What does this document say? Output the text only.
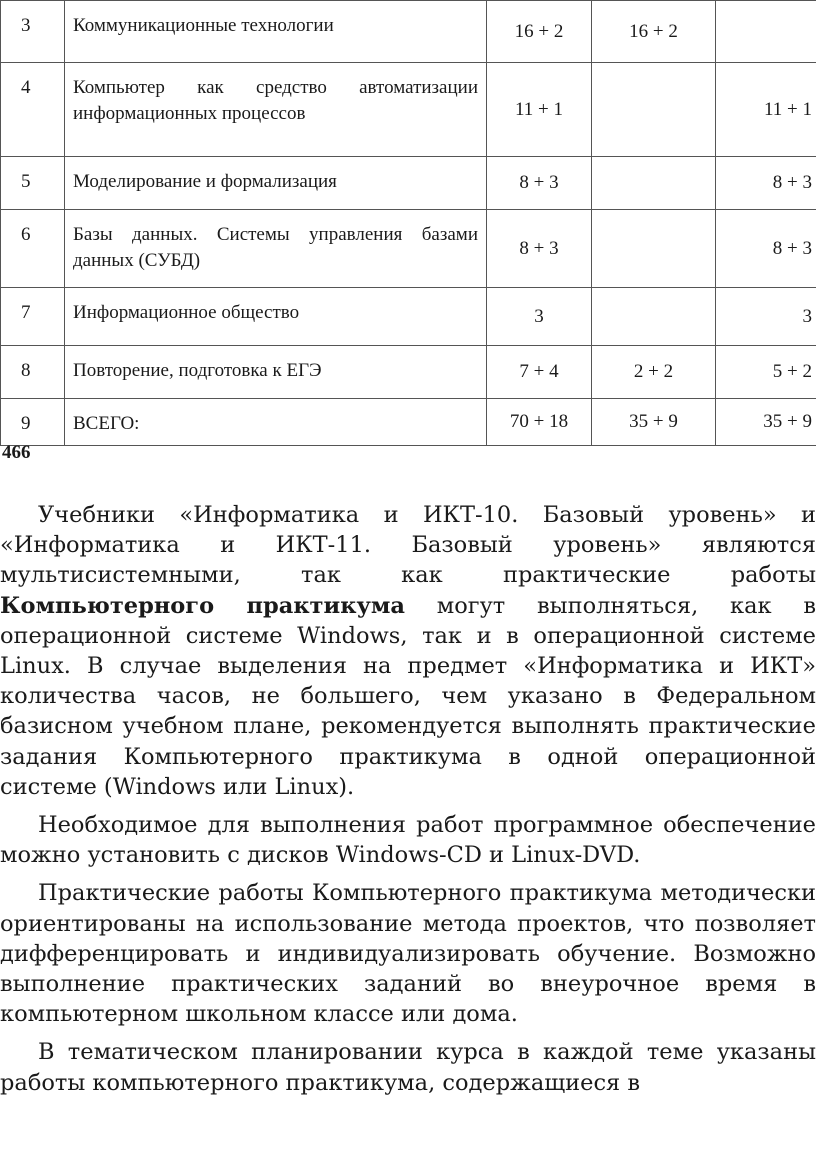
3	Коммуникационные технологии	16 + 2	16 + 2	
4	Компьютер как средство автоматизации информационных процессов	11 + 1		11 + 1
5	Моделирование и формализация	8 + 3		8 + 3
6	Базы данных. Системы управления базами данных (СУБД)	8 + 3		8 + 3
7	Информационное общество	3		3
8	Повторение, подготовка к ЕГЭ	7 + 4	2 + 2	5 + 2
9	ВСЕГО:	70 + 18	35 + 9	35 + 9
466

Учебники «Информатика и ИКТ-10. Базовый уровень» и «Информатика и ИКТ-11. Базовый уровень» являются мультисистемными, так как практические работы Компьютерного практикума могут выполняться, как в операционной системе Windows, так и в операционной системе Linux. В случае выделения на предмет «Информатика и ИКТ» количества часов, не большего, чем указано в Федеральном базисном учебном плане, рекомендуется выполнять практические задания Компьютерного практикума в одной операционной системе (Windows или Linux).

Необходимое для выполнения работ программное обеспечение можно установить с дисков Windows-CD и Linux-DVD.

Практические работы Компьютерного практикума методически ориентированы на использование метода проектов, что позволяет дифференцировать и индивидуализировать обучение. Возможно выполнение практических заданий во внеурочное время в компьютерном школьном классе или дома.

В тематическом планировании курса в каждой теме указаны работы компьютерного практикума, содержащиеся в
